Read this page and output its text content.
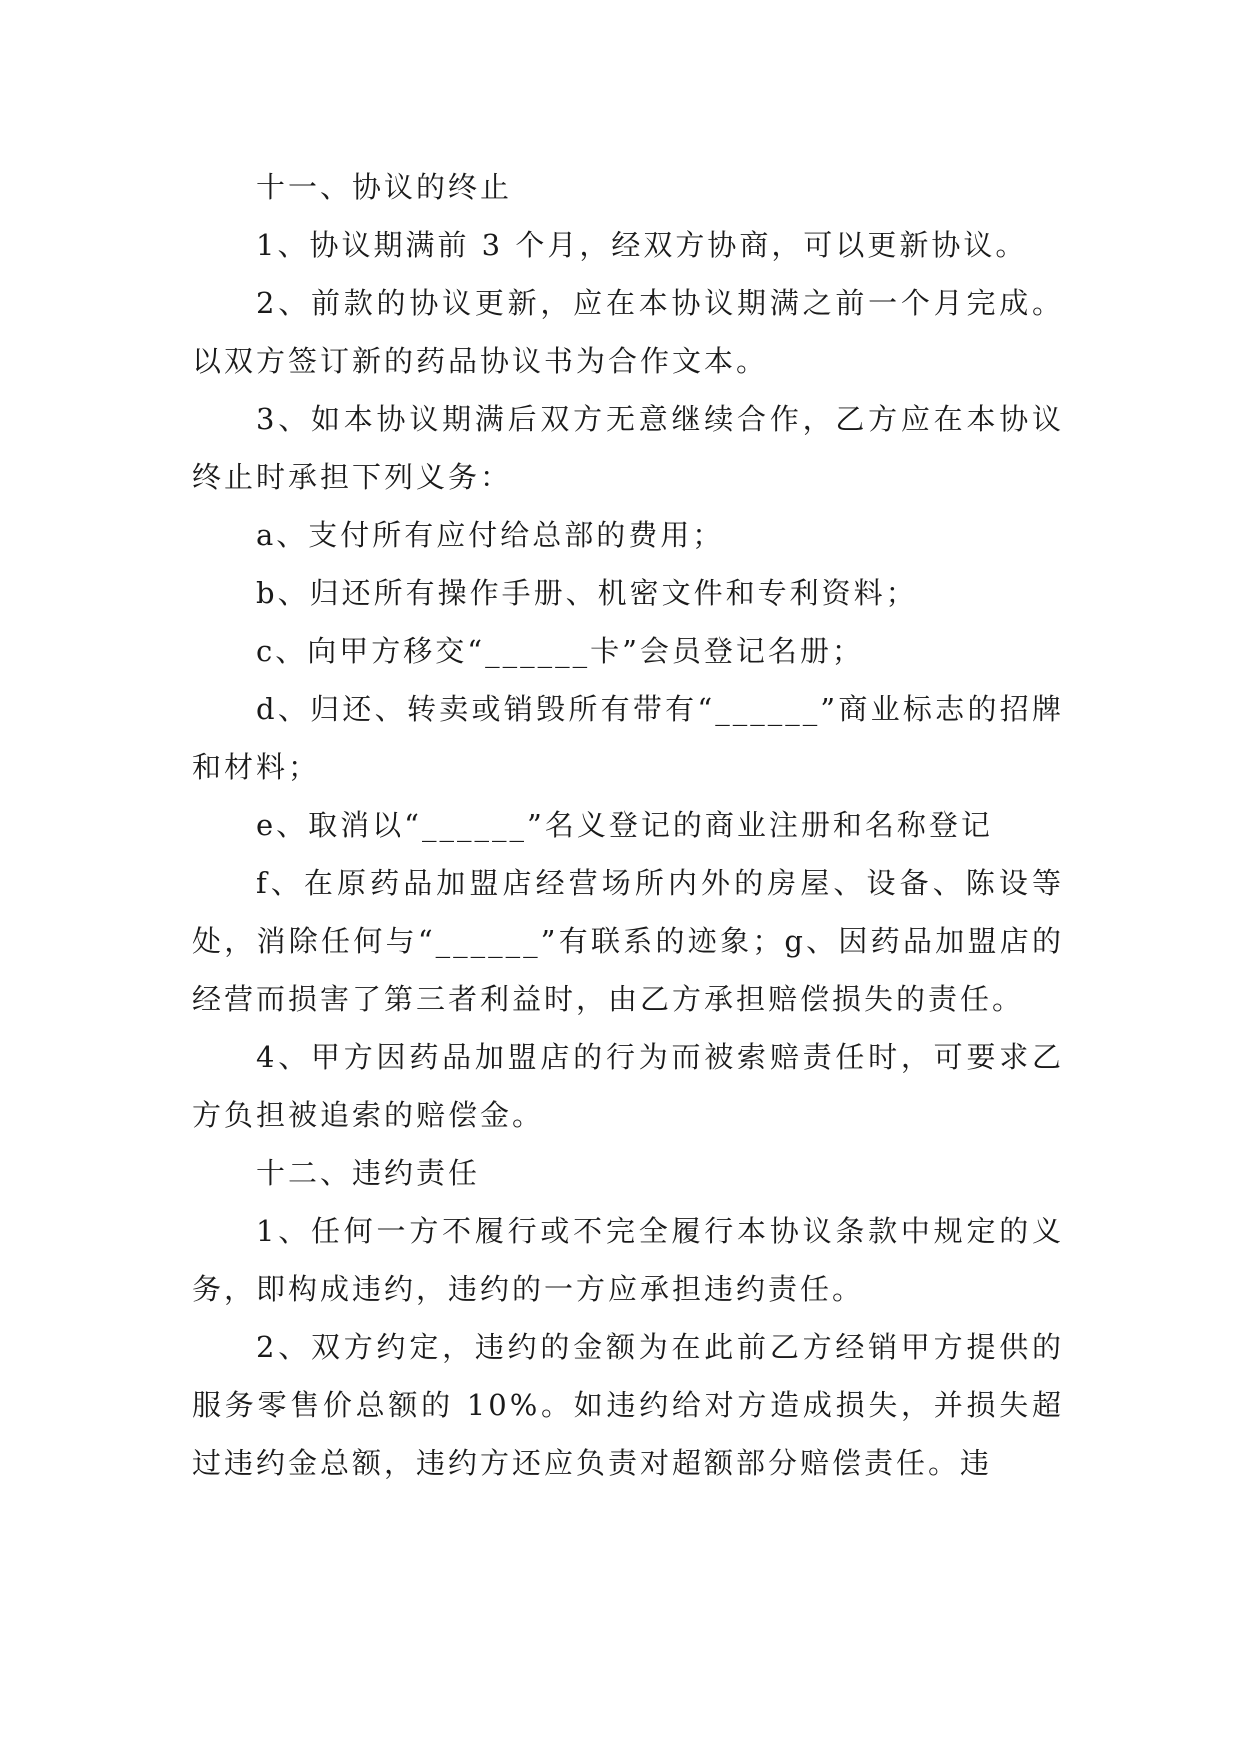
十一、协议的终止

1、协议期满前 3 个月，经双方协商，可以更新协议。

2、前款的协议更新，应在本协议期满之前一个月完成。以双方签订新的药品协议书为合作文本。

3、如本协议期满后双方无意继续合作，乙方应在本协议终止时承担下列义务：

a、支付所有应付给总部的费用；

b、归还所有操作手册、机密文件和专利资料；

c、向甲方移交“______卡”会员登记名册；

d、归还、转卖或销毁所有带有“______”商业标志的招牌和材料；

e、取消以“______”名义登记的商业注册和名称登记

f、在原药品加盟店经营场所内外的房屋、设备、陈设等处，消除任何与“______”有联系的迹象；g、因药品加盟店的经营而损害了第三者利益时，由乙方承担赔偿损失的责任。

4、甲方因药品加盟店的行为而被索赔责任时，可要求乙方负担被追索的赔偿金。

十二、违约责任

1、任何一方不履行或不完全履行本协议条款中规定的义务，即构成违约，违约的一方应承担违约责任。

2、双方约定，违约的金额为在此前乙方经销甲方提供的服务零售价总额的 10%。如违约给对方造成损失，并损失超过违约金总额，违约方还应负责对超额部分赔偿责任。违
